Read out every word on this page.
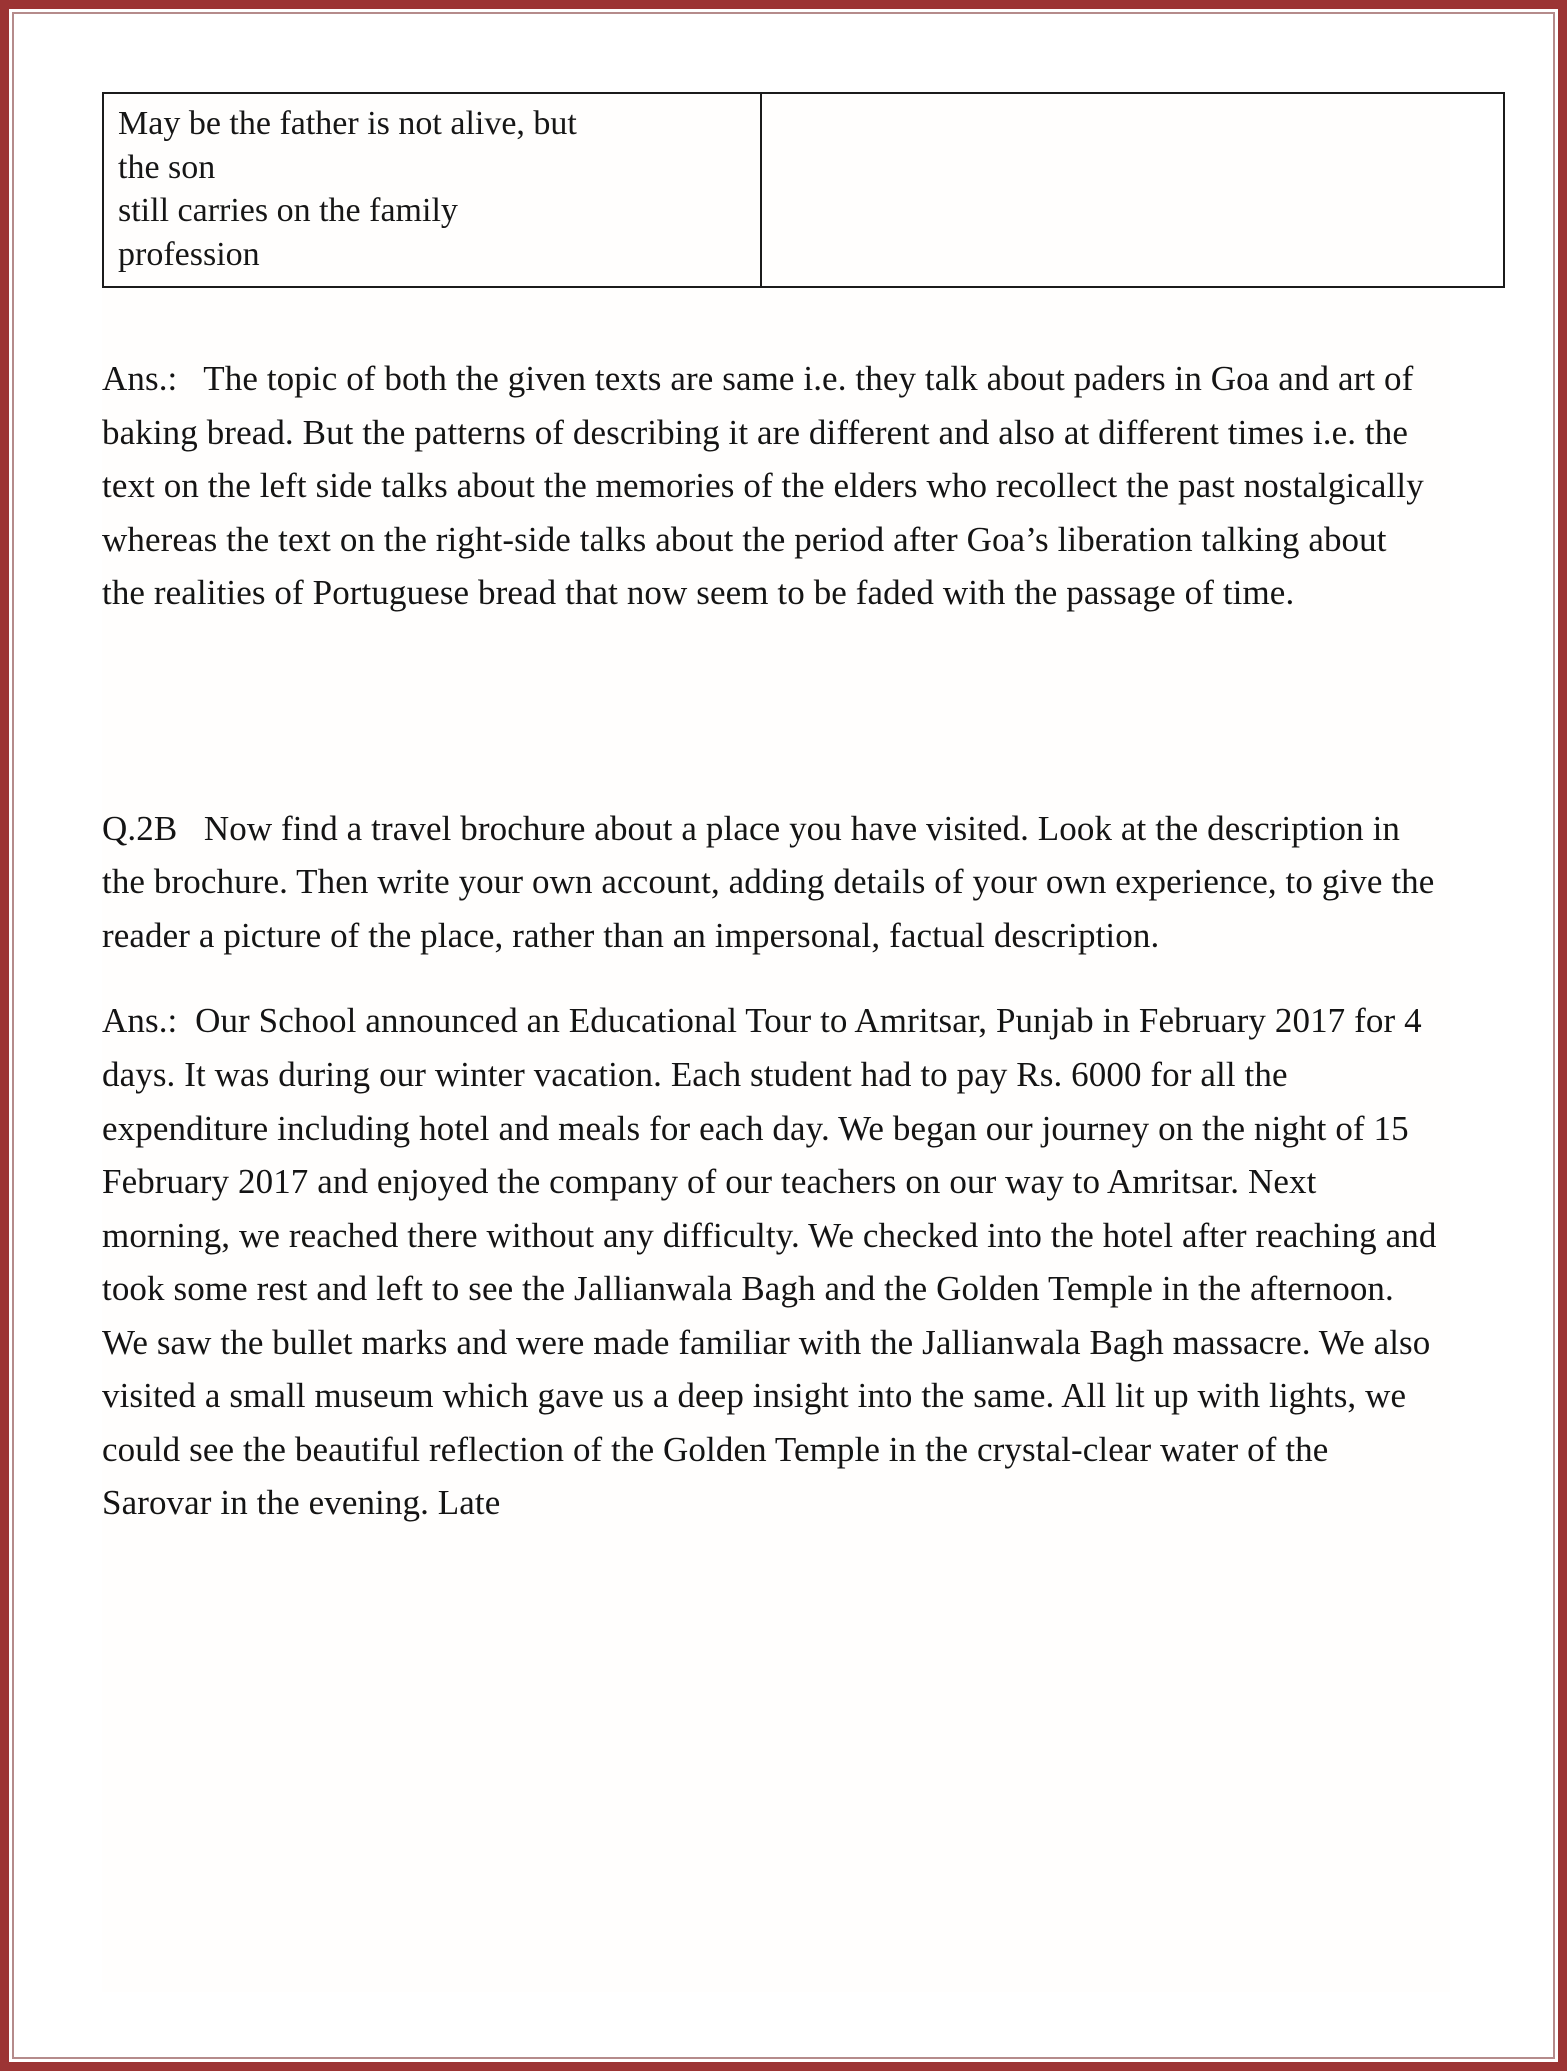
May be the father is not alive, but
the son
still carries on the family
profession

Ans.: The topic of both the given texts are same i.e. they talk about paders in Goa and art of baking bread. But the patterns of describing it are different and also at different times i.e. the text on the left side talks about the memories of the elders who recollect the past nostalgically whereas the text on the right-side talks about the period after Goa’s liberation talking about the realities of Portuguese bread that now seem to be faded with the passage of time.

Q.2B Now find a travel brochure about a place you have visited. Look at the description in the brochure. Then write your own account, adding details of your own experience, to give the reader a picture of the place, rather than an impersonal, factual description.

Ans.: Our School announced an Educational Tour to Amritsar, Punjab in February 2017 for 4 days. It was during our winter vacation. Each student had to pay Rs. 6000 for all the expenditure including hotel and meals for each day. We began our journey on the night of 15 February 2017 and enjoyed the company of our teachers on our way to Amritsar. Next morning, we reached there without any difficulty. We checked into the hotel after reaching and took some rest and left to see the Jallianwala Bagh and the Golden Temple in the afternoon. We saw the bullet marks and were made familiar with the Jallianwala Bagh massacre. We also visited a small museum which gave us a deep insight into the same. All lit up with lights, we could see the beautiful reflection of the Golden Temple in the crystal-clear water of the Sarovar in the evening. Late
